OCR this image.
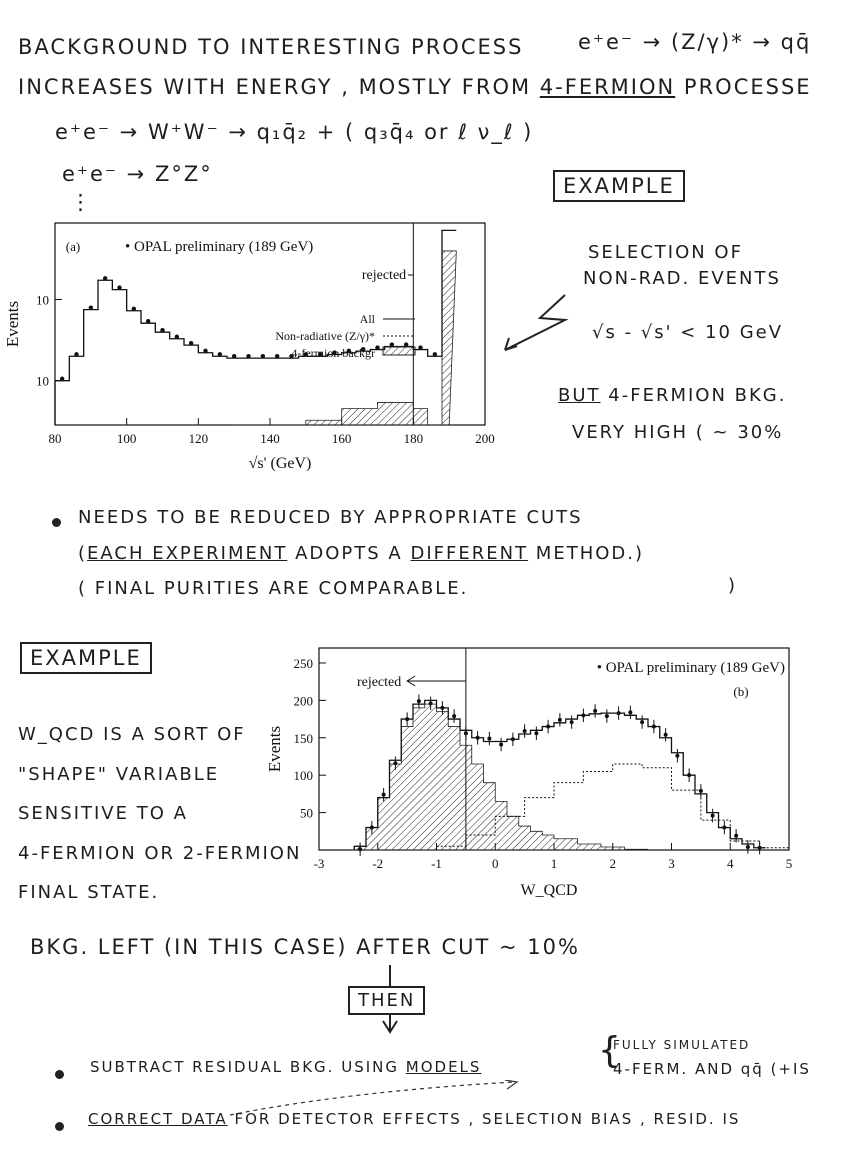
BACKGROUND TO INTERESTING PROCESS	e⁺e⁻ → (Z/γ)* → qq̄
INCREASES WITH ENERGY , MOSTLY FROM 4-FERMION PROCESSE
e⁺e⁻ → W⁺W⁻ → q₁q̄₂ + ( q₃q̄₄ or ℓ ν_ℓ )
e⁺e⁻ → Z°Z°
⋮
EXAMPLE
80	100	120	140	160	180	200
10
10
√s' (GeV)
Events
(a)	• OPAL preliminary (189 GeV)
rejected
All
Non-radiative (Z/γ)*
4-fermion backgr
SELECTION OF
NON-RAD. EVENTS
√s - √s' < 10 GeV
BUT 4-FERMION BKG.
VERY HIGH ( ~ 30%
NEEDS TO BE REDUCED BY APPROPRIATE CUTS
(EACH EXPERIMENT ADOPTS A DIFFERENT METHOD.)
( FINAL PURITIES ARE COMPARABLE.	)
EXAMPLE
-3	-2	-1	0	1	2	3	4	5
50
100
150
200
250
W_QCD
Events
• OPAL preliminary (189 GeV)
(b)
rejected
W_QCD IS A SORT OF
"SHAPE" VARIABLE
SENSITIVE TO A
4-FERMION OR 2-FERMION
FINAL STATE.
BKG. LEFT (IN THIS CASE) AFTER CUT ~ 10%
THEN
SUBTRACT RESIDUAL BKG. USING MODELS	{
FULLY SIMULATED
4-FERM. AND qq̄ (+IS
CORRECT DATA FOR DETECTOR EFFECTS , SELECTION BIAS , RESID. IS
